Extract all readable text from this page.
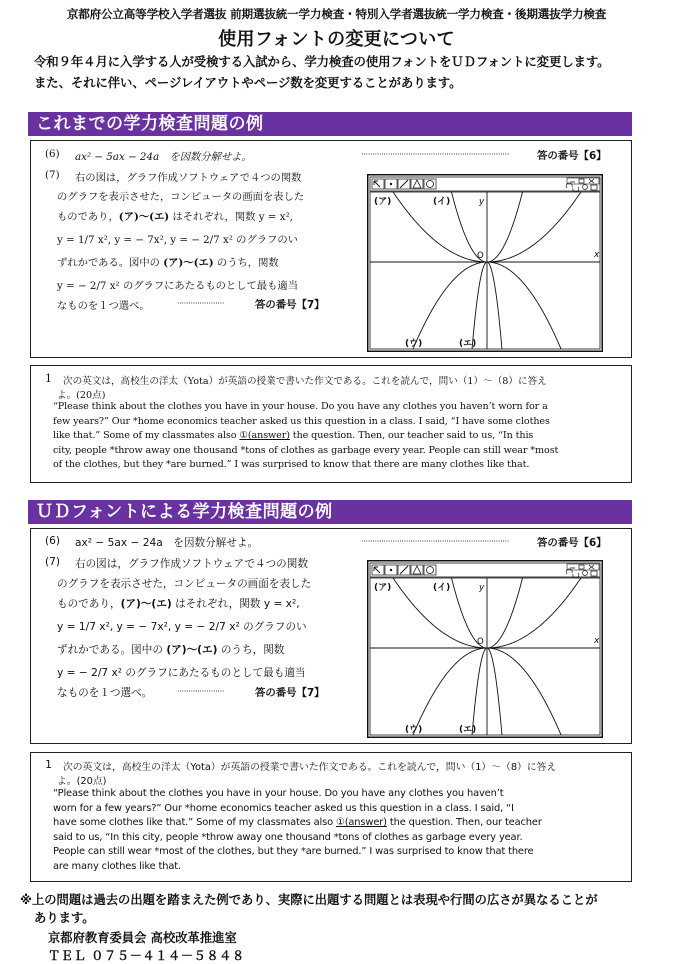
京都府公立高等学校入学者選抜 前期選抜統一学力検査・特別入学者選抜統一学力検査・後期選抜学力検査
使用フォントの変更について
令和９年４月に入学する人が受検する入試から、学力検査の使用フォントをＵＤフォントに変更します。
また、それに伴い、ページレイアウトやページ数を変更することがあります。
これまでの学力検査問題の例
(6) ax² − 5ax − 24a　を因数分解せよ。	··································································	答の番号【6】
(7) 右の図は，グラフ作成ソフトウェアで４つの関数
のグラフを表示させた，コンピュータの画面を表した
ものであり，(ア)～(エ) はそれぞれ，関数 y = x²,
y = 1/7 x², y = − 7x², y = − 2/7 x² のグラフのい
ずれかである。図中の (ア)～(エ) のうち，関数
y = − 2/7 x² のグラフにあたるものとして最も適当
なものを１つ選べ。	·····················	答の番号【7】
(ア)	(イ)
(ウ)	(エ)
x
y
O
1 次の英文は，高校生の洋太（Yota）が英語の授業で書いた作文である。これを読んで，問い（1）～（8）に答え
よ。(20点)

“Please think about the clothes you have in your house. Do you have any clothes you haven’t worn for a

few years?” Our *home economics teacher asked us this question in a class. I said, “I have some clothes

like that.” Some of my classmates also ①(answer) the question. Then, our teacher said to us, “In this

city, people *throw away one thousand *tons of clothes as garbage every year. People can still wear *most

of the clothes, but they *are burned.” I was surprised to know that there are many clothes like that.

ＵＤフォントによる学力検査問題の例
(6) ax² − 5ax − 24a　を因数分解せよ。	··································································	答の番号【6】
(7) 右の図は，グラフ作成ソフトウェアで４つの関数
のグラフを表示させた，コンピュータの画面を表した
ものであり，(ア)～(エ) はそれぞれ，関数 y = x²,
y = 1/7 x², y = − 7x², y = − 2/7 x² のグラフのい
ずれかである。図中の (ア)～(エ) のうち，関数
y = − 2/7 x² のグラフにあたるものとして最も適当
なものを１つ選べ。	·····················	答の番号【7】
(ア)	(イ)
(ウ)	(エ)
x
y
O
1 次の英文は，高校生の洋太（Yota）が英語の授業で書いた作文である。これを読んで，問い（1）～（8）に答え
よ。(20点)

“Please think about the clothes you have in your house. Do you have any clothes you haven’t

worn for a few years?” Our *home economics teacher asked us this question in a class. I said, “I

have some clothes like that.” Some of my classmates also ①(answer) the question. Then, our teacher

said to us, “In this city, people *throw away one thousand *tons of clothes as garbage every year.

People can still wear *most of the clothes, but they *are burned.” I was surprised to know that there

are many clothes like that.

※上の問題は過去の出題を踏まえた例であり、実際に出題する問題とは表現や行間の広さが異なることが
あります。
京都府教育委員会 高校改革推進室
ＴＥＬ ０７５－４１４－５８４８
